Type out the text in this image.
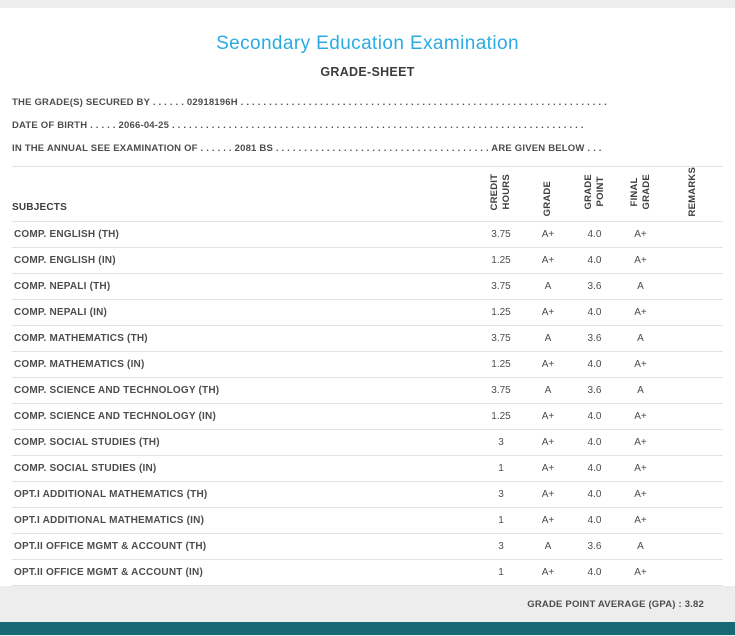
Secondary Education Examination
GRADE-SHEET
THE GRADE(S) SECURED BY . . . . . . 02918196H . . . . . . . . . . . . . . . . . . . . . . . . . . . . . . . . . . . . . . . . . . . . . . . . . . . . . . . . . . . . . . . . .
DATE OF BIRTH . . . . . 2066-04-25 . . . . . . . . . . . . . . . . . . . . . . . . . . . . . . . . . . . . . . . . . . . . . . . . . . . . . . . . . . . . . . . . . . . . . . . . .
IN THE ANNUAL SEE EXAMINATION OF . . . . . . 2081 BS . . . . . . . . . . . . . . . . . . . . . . . . . . . . . . . . . . . . . . ARE GIVEN BELOW . . .
SUBJECTS	CREDIT HOURS	GRADE	GRADE POINT	FINAL GRADE	REMARKS

COMP. ENGLISH (TH)	3.75	A+	4.0	A+	
COMP. ENGLISH (IN)	1.25	A+	4.0	A+	
COMP. NEPALI (TH)	3.75	A	3.6	A	
COMP. NEPALI (IN)	1.25	A+	4.0	A+	
COMP. MATHEMATICS (TH)	3.75	A	3.6	A	
COMP. MATHEMATICS (IN)	1.25	A+	4.0	A+	
COMP. SCIENCE AND TECHNOLOGY (TH)	3.75	A	3.6	A	
COMP. SCIENCE AND TECHNOLOGY (IN)	1.25	A+	4.0	A+	
COMP. SOCIAL STUDIES (TH)	3	A+	4.0	A+	
COMP. SOCIAL STUDIES (IN)	1	A+	4.0	A+	
OPT.I ADDITIONAL MATHEMATICS (TH)	3	A+	4.0	A+	
OPT.I ADDITIONAL MATHEMATICS (IN)	1	A+	4.0	A+	
OPT.II OFFICE MGMT & ACCOUNT (TH)	3	A	3.6	A	
OPT.II OFFICE MGMT & ACCOUNT (IN)	1	A+	4.0	A+	
GRADE POINT AVERAGE (GPA) : 3.82
